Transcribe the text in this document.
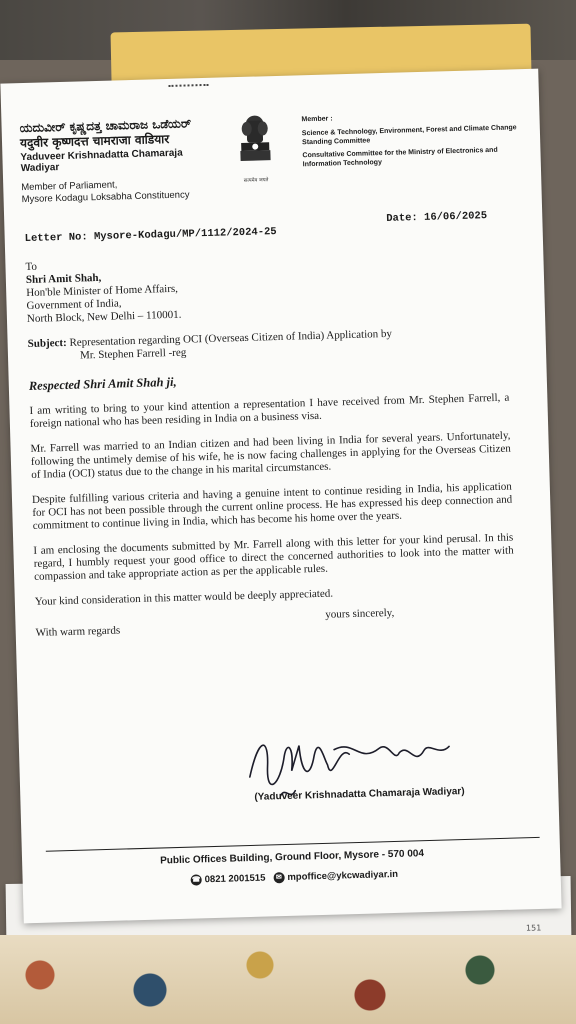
151
ಯದುವೀರ್ ಕೃಷ್ಣದತ್ತ ಚಾಮರಾಜ ಒಡೆಯರ್
यदुवीर कृष्णदत्त चामराजा वाडियार
Yaduveer Krishnadatta Chamaraja Wadiyar
Member of Parliament,
Mysore Kodagu Loksabha Constituency
सत्यमेव जयते
Member :
Science & Technology, Environment, Forest and Climate Change Standing Committee
Consultative Committee for the Ministry of Electronics and Information Technology
Letter No: Mysore-Kodagu/MP/1112/2024-25
Date: 16/06/2025
To
Shri Amit Shah,
Hon'ble Minister of Home Affairs,
Government of India,
North Block, New Delhi – 110001.
Subject: Representation regarding OCI (Overseas Citizen of India) Application by
Mr. Stephen Farrell -reg
Respected Shri Amit Shah ji,
I am writing to bring to your kind attention a representation I have received from Mr. Stephen Farrell, a foreign national who has been residing in India on a business visa.
Mr. Farrell was married to an Indian citizen and had been living in India for several years. Unfortunately, following the untimely demise of his wife, he is now facing challenges in applying for the Overseas Citizen of India (OCI) status due to the change in his marital circumstances.
Despite fulfilling various criteria and having a genuine intent to continue residing in India, his application for OCI has not been possible through the current online process. He has expressed his deep connection and commitment to continue living in India, which has become his home over the years.
I am enclosing the documents submitted by Mr. Farrell along with this letter for your kind perusal. In this regard, I humbly request your good office to direct the concerned authorities to look into the matter with compassion and take appropriate action as per the applicable rules.
Your kind consideration in this matter would be deeply appreciated.
With warm regards
yours sincerely,
(Yaduveer Krishnadatta Chamaraja Wadiyar)
Public Offices Building, Ground Floor, Mysore - 570 004
☎ 0821 2001515	✉ mpoffice@ykcwadiyar.in
